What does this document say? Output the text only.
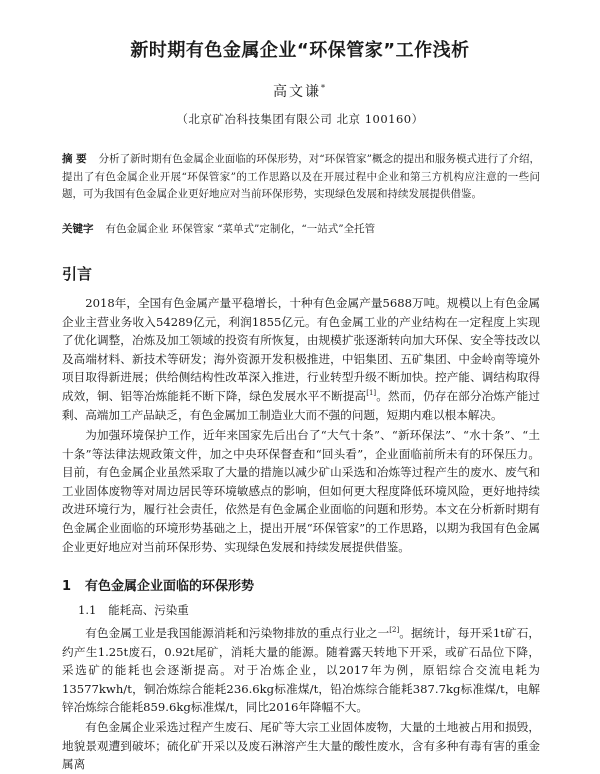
新时期有色金属企业“环保管家”工作浅析
高文谦*
（北京矿冶科技集团有限公司 北京 100160）
摘 要 分析了新时期有色金属企业面临的环保形势，对“环保管家”概念的提出和服务模式进行了介绍，提出了有色金属企业开展“环保管家”的工作思路以及在开展过程中企业和第三方机构应注意的一些问题，可为我国有色金属企业更好地应对当前环保形势，实现绿色发展和持续发展提供借鉴。
关键字 有色金属企业 环保管家 “菜单式”定制化，“一站式”全托管
引言

2018年，全国有色金属产量平稳增长，十种有色金属产量5688万吨。规模以上有色金属企业主营业务收入54289亿元，利润1855亿元。有色金属工业的产业结构在一定程度上实现了优化调整，冶炼及加工领域的投资有所恢复，由规模扩张逐渐转向加大环保、安全等技改以及高端材料、新技术等研发；海外资源开发积极推进，中铝集团、五矿集团、中金岭南等境外项目取得新进展；供给侧结构性改革深入推进，行业转型升级不断加快。控产能、调结构取得成效，铜、铝等冶炼能耗不断下降，绿色发展水平不断提高[1]。然而，仍存在部分冶炼产能过剩、高端加工产品缺乏，有色金属加工制造业大而不强的问题，短期内难以根本解决。

为加强环境保护工作，近年来国家先后出台了“大气十条”、“新环保法”、“水十条”、“土十条”等法律法规政策文件，加之中央环保督查和“回头看”，企业面临前所未有的环保压力。目前，有色金属企业虽然采取了大量的措施以减少矿山采选和冶炼等过程产生的废水、废气和工业固体废物等对周边居民等环境敏感点的影响，但如何更大程度降低环境风险，更好地持续改进环境行为，履行社会责任，依然是有色金属企业面临的问题和形势。本文在分析新时期有色金属企业面临的环境形势基础之上，提出开展“环保管家”的工作思路，以期为我国有色金属企业更好地应对当前环保形势、实现绿色发展和持续发展提供借鉴。

1 有色金属企业面临的环保形势
1.1 能耗高、污染重

有色金属工业是我国能源消耗和污染物排放的重点行业之一[2]。据统计，每开采1t矿石，约产生1.25t废石，0.92t尾矿，消耗大量的能源。随着露天转地下开采，或矿石品位下降，采选矿的能耗也会逐渐提高。对于冶炼企业，以2017年为例，原铝综合交流电耗为13577kwh/t，铜冶炼综合能耗236.6kg标准煤/t，铅冶炼综合能耗387.7kg标准煤/t，电解锌冶炼综合能耗859.6kg标准煤/t，同比2016年降幅不大。

有色金属企业采选过程产生废石、尾矿等大宗工业固体废物，大量的土地被占用和损毁，地貌景观遭到破坏；硫化矿开采以及废石淋溶产生大量的酸性废水，含有多种有毒有害的重金属离
